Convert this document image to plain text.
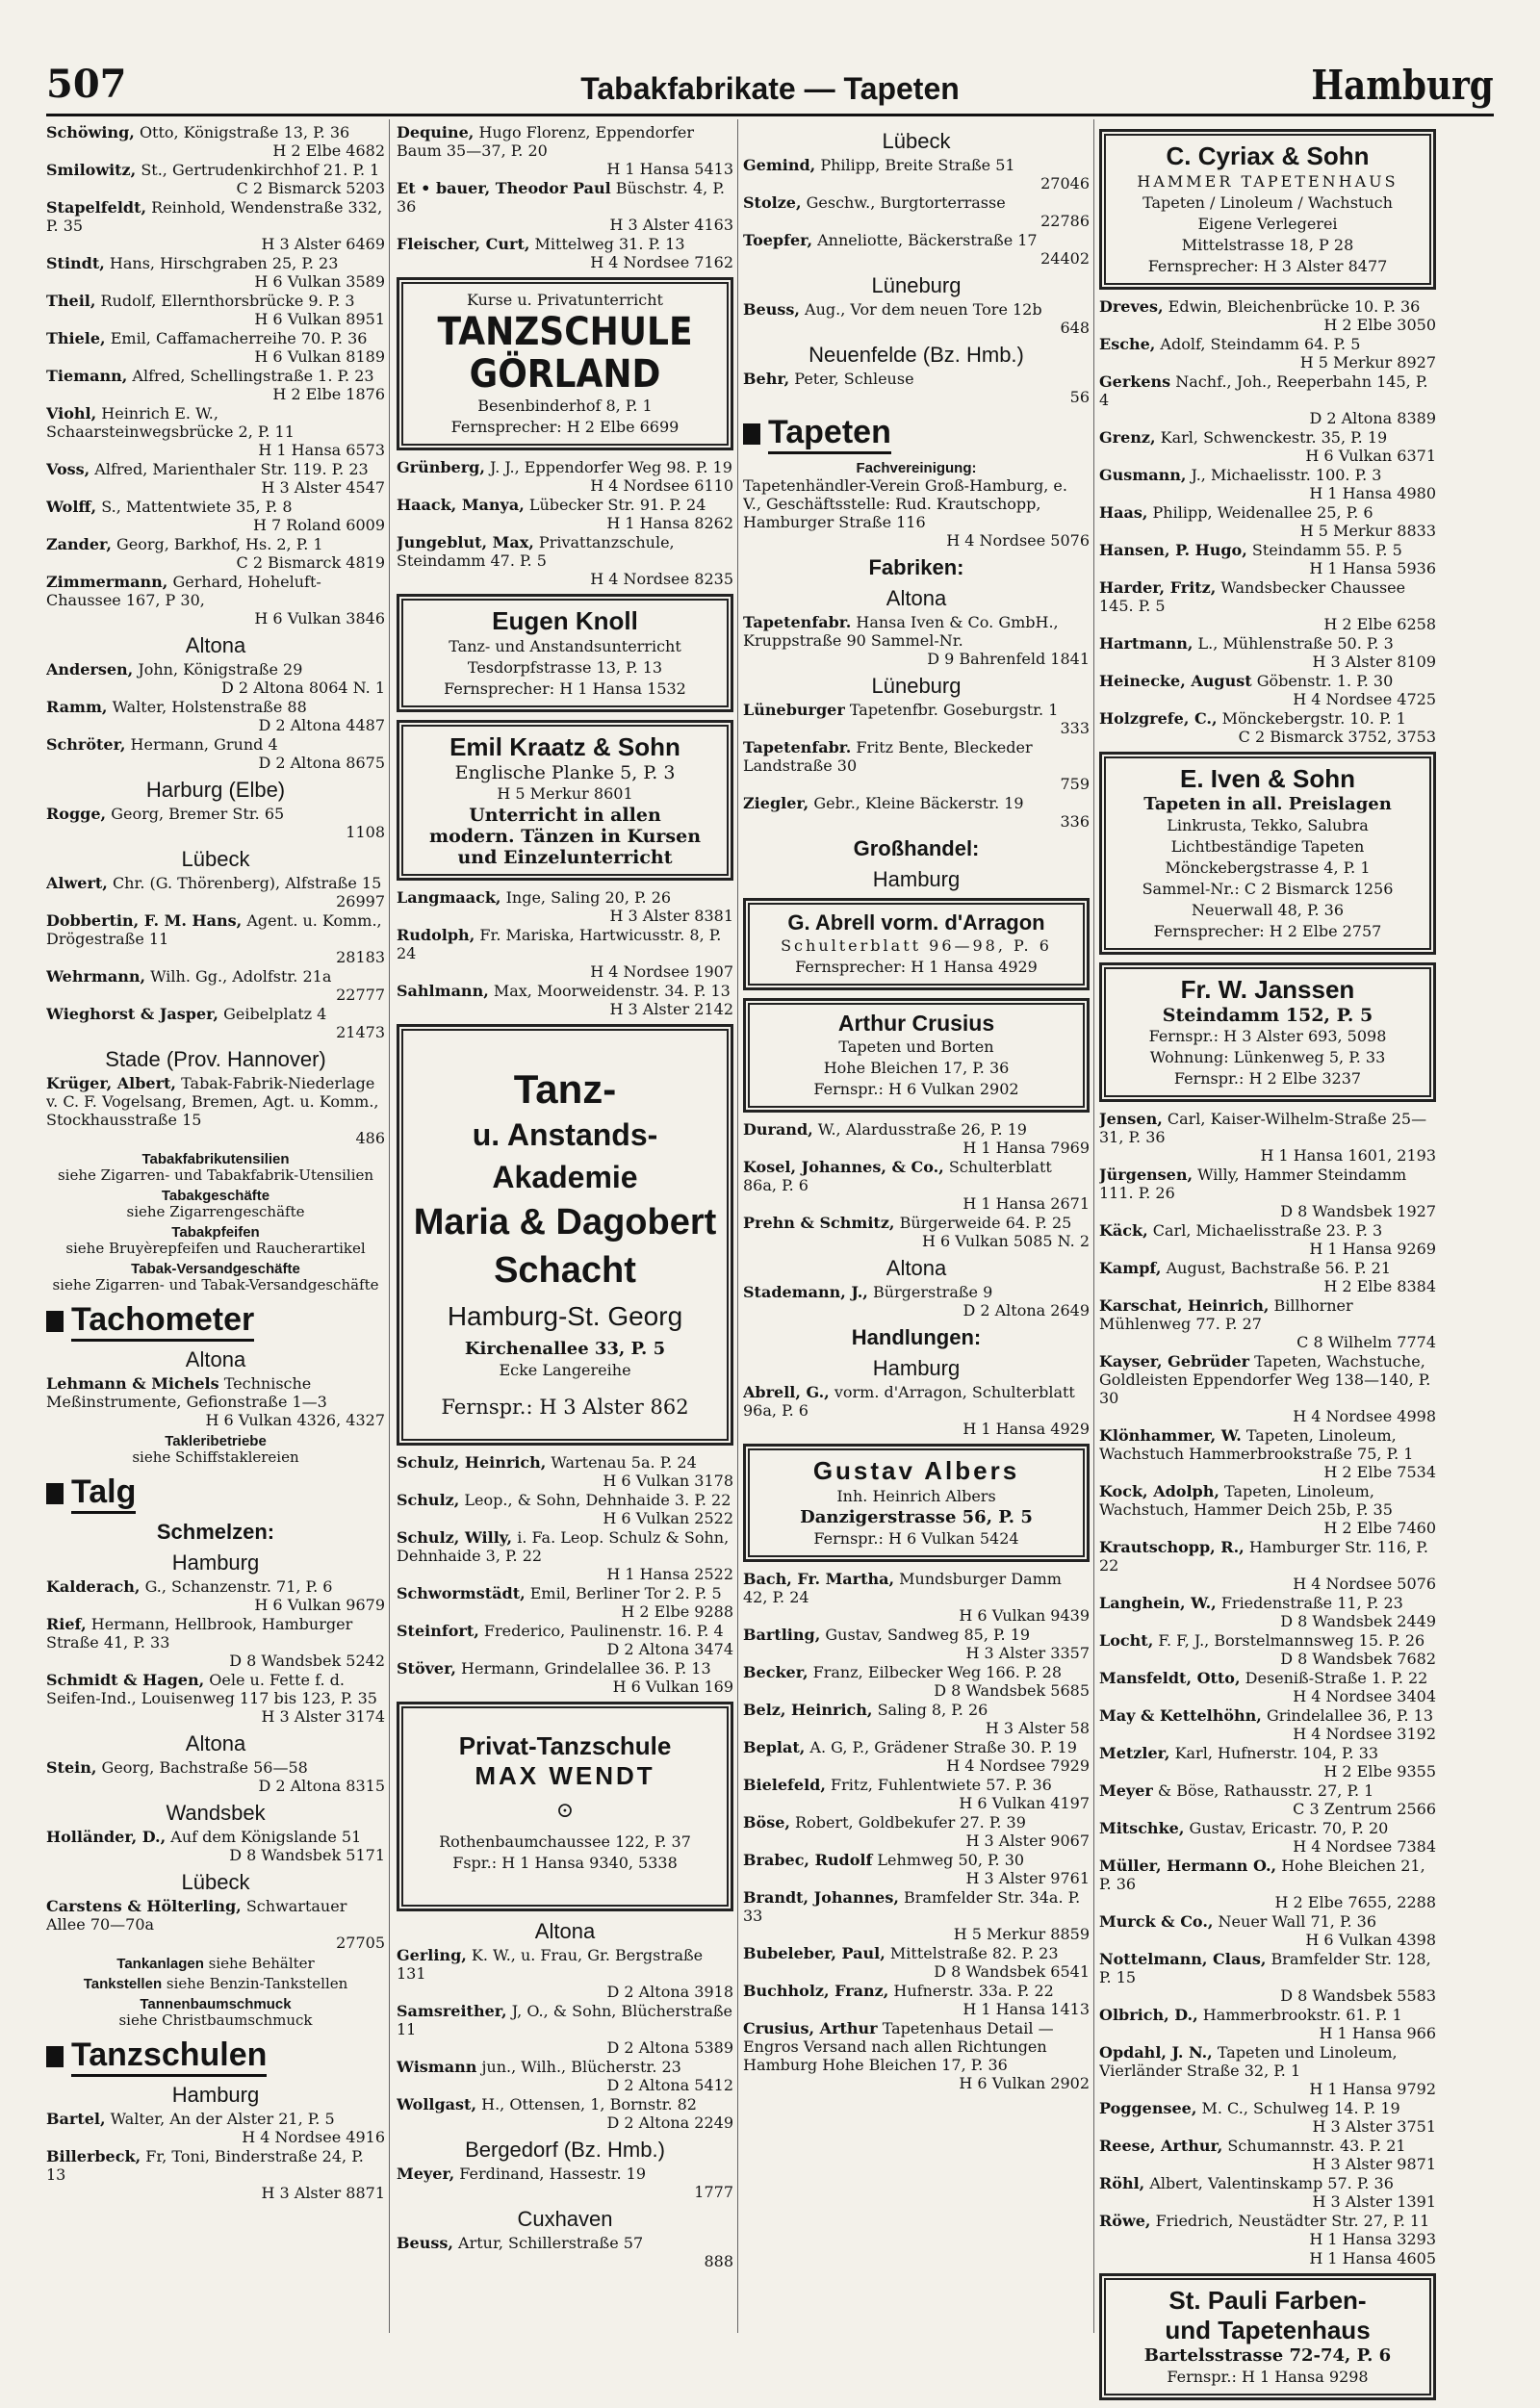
507	Tabakfabrikate — Tapeten	Hamburg
Schöwing, Otto, Königstraße 13, P. 36
H 2 Elbe 4682
Smilowitz, St., Gertrudenkirchhof 21. P. 1
C 2 Bismarck 5203
Stapelfeldt, Reinhold, Wendenstraße 332, P. 35
H 3 Alster 6469
Stindt, Hans, Hirschgraben 25, P. 23
H 6 Vulkan 3589
Theil, Rudolf, Ellernthorsbrücke 9. P. 3
H 6 Vulkan 8951
Thiele, Emil, Caffamacherreihe 70. P. 36
H 6 Vulkan 8189
Tiemann, Alfred, Schellingstraße 1. P. 23
H 2 Elbe 1876
Viohl, Heinrich E. W., Schaarsteinwegsbrücke 2, P. 11
H 1 Hansa 6573
Voss, Alfred, Marienthaler Str. 119. P. 23
H 3 Alster 4547
Wolff, S., Mattentwiete 35, P. 8
H 7 Roland 6009
Zander, Georg, Barkhof, Hs. 2, P. 1
C 2 Bismarck 4819
Zimmermann, Gerhard, Hoheluft-Chaussee 167, P 30,
H 6 Vulkan 3846
Altona
Andersen, John, Königstraße 29
D 2 Altona 8064 N. 1
Ramm, Walter, Holstenstraße 88
D 2 Altona 4487
Schröter, Hermann, Grund 4
D 2 Altona 8675
Harburg (Elbe)
Rogge, Georg, Bremer Str. 65
1108
Lübeck
Alwert, Chr. (G. Thörenberg), Alfstraße 15
26997
Dobbertin, F. M. Hans, Agent. u. Komm., Drögestraße 11
28183
Wehrmann, Wilh. Gg., Adolfstr. 21a
22777
Wieghorst & Jasper, Geibelplatz 4
21473
Stade (Prov. Hannover)
Krüger, Albert, Tabak-Fabrik-Niederlage v. C. F. Vogelsang, Bremen, Agt. u. Komm., Stockhausstraße 15
486
Tabakfabrikutensilien
siehe Zigarren- und Tabakfabrik-Utensilien
Tabakgeschäfte
siehe Zigarrengeschäfte
Tabakpfeifen
siehe Bruyèrepfeifen und Raucherartikel
Tabak-Versandgeschäfte
siehe Zigarren- und Tabak-Versandgeschäfte
Tachometer
Altona
Lehmann & Michels Technische Meßinstrumente, Gefionstraße 1—3
H 6 Vulkan 4326, 4327
Takleribetriebe
siehe Schiffstaklereien
Talg
Schmelzen:
Hamburg
Kalderach, G., Schanzenstr. 71, P. 6
H 6 Vulkan 9679
Rief, Hermann, Hellbrook, Hamburger Straße 41, P. 33
D 8 Wandsbek 5242
Schmidt & Hagen, Oele u. Fette f. d. Seifen-Ind., Louisenweg 117 bis 123, P. 35
H 3 Alster 3174
Altona
Stein, Georg, Bachstraße 56—58
D 2 Altona 8315
Wandsbek
Holländer, D., Auf dem Königslande 51
D 8 Wandsbek 5171
Lübeck
Carstens & Hölterling, Schwartauer Allee 70—70a
27705
Tankanlagen siehe Behälter
Tankstellen siehe Benzin-Tankstellen
Tannenbaumschmuck
siehe Christbaumschmuck
Tanzschulen
Hamburg
Bartel, Walter, An der Alster 21, P. 5
H 4 Nordsee 4916
Billerbeck, Fr, Toni, Binderstraße 24, P. 13
H 3 Alster 8871
Dequine, Hugo Florenz, Eppendorfer Baum 35—37, P. 20
H 1 Hansa 5413
Et • bauer, Theodor Paul Büschstr. 4, P. 36
H 3 Alster 4163
Fleischer, Curt, Mittelweg 31. P. 13
H 4 Nordsee 7162
Kurse u. Privatunterricht
TANZSCHULE
GÖRLAND
Besenbinderhof 8, P. 1
Fernsprecher: H 2 Elbe 6699
Grünberg, J. J., Eppendorfer Weg 98. P. 19
H 4 Nordsee 6110
Haack, Manya, Lübecker Str. 91. P. 24
H 1 Hansa 8262
Jungeblut, Max, Privattanzschule, Steindamm 47. P. 5
H 4 Nordsee 8235
Eugen Knoll
Tanz- und Anstandsunterricht
Tesdorpfstrasse 13, P. 13
Fernsprecher: H 1 Hansa 1532
Emil Kraatz & Sohn
Englische Planke 5, P. 3
H 5 Merkur 8601
Unterricht in allen
modern. Tänzen in Kursen
und Einzelunterricht
Langmaack, Inge, Saling 20, P. 26
H 3 Alster 8381
Rudolph, Fr. Mariska, Hartwicusstr. 8, P. 24
H 4 Nordsee 1907
Sahlmann, Max, Moorweidenstr. 34. P. 13
H 3 Alster 2142
Tanz-
u. Anstands-Akademie
Maria & Dagobert
Schacht
Hamburg-St. Georg
Kirchenallee 33, P. 5
Ecke Langereihe
Fernspr.: H 3 Alster 862
Schulz, Heinrich, Wartenau 5a. P. 24
H 6 Vulkan 3178
Schulz, Leop., & Sohn, Dehnhaide 3. P. 22
H 6 Vulkan 2522
Schulz, Willy, i. Fa. Leop. Schulz & Sohn, Dehnhaide 3, P. 22
H 1 Hansa 2522
Schwormstädt, Emil, Berliner Tor 2. P. 5
H 2 Elbe 9288
Steinfort, Frederico, Paulinenstr. 16. P. 4
D 2 Altona 3474
Stöver, Hermann, Grindelallee 36. P. 13
H 6 Vulkan 169
Privat-Tanzschule
MAX WENDT
⊙
Rothenbaumchaussee 122, P. 37
Fspr.: H 1 Hansa 9340, 5338
Altona
Gerling, K. W., u. Frau, Gr. Bergstraße 131
D 2 Altona 3918
Samsreither, J, O., & Sohn, Blücherstraße 11
D 2 Altona 5389
Wismann jun., Wilh., Blücherstr. 23
D 2 Altona 5412
Wollgast, H., Ottensen, 1, Bornstr. 82
D 2 Altona 2249
Bergedorf (Bz. Hmb.)
Meyer, Ferdinand, Hassestr. 19
1777
Cuxhaven
Beuss, Artur, Schillerstraße 57
888
Lübeck
Gemind, Philipp, Breite Straße 51
27046
Stolze, Geschw., Burgtorterrasse
22786
Toepfer, Anneliotte, Bäckerstraße 17
24402
Lüneburg
Beuss, Aug., Vor dem neuen Tore 12b
648
Neuenfelde (Bz. Hmb.)
Behr, Peter, Schleuse
56
Tapeten
Fachvereinigung:
Tapetenhändler-Verein Groß-Hamburg, e. V., Geschäftsstelle: Rud. Krautschopp, Hamburger Straße 116
H 4 Nordsee 5076
Fabriken:
Altona
Tapetenfabr. Hansa Iven & Co. GmbH., Kruppstraße 90 Sammel-Nr.
D 9 Bahrenfeld 1841
Lüneburg
Lüneburger Tapetenfbr. Goseburgstr. 1
333
Tapetenfabr. Fritz Bente, Bleckeder Landstraße 30
759
Ziegler, Gebr., Kleine Bäckerstr. 19
336
Großhandel:
Hamburg
G. Abrell vorm. d'Arragon
Schulterblatt 96—98, P. 6
Fernsprecher: H 1 Hansa 4929
Arthur Crusius
Tapeten und Borten
Hohe Bleichen 17, P. 36
Fernspr.: H 6 Vulkan 2902
Durand, W., Alardusstraße 26, P. 19
H 1 Hansa 7969
Kosel, Johannes, & Co., Schulterblatt 86a, P. 6
H 1 Hansa 2671
Prehn & Schmitz, Bürgerweide 64. P. 25
H 6 Vulkan 5085 N. 2
Altona
Stademann, J., Bürgerstraße 9
D 2 Altona 2649
Handlungen:
Hamburg
Abrell, G., vorm. d'Arragon, Schulterblatt 96a, P. 6
H 1 Hansa 4929
Gustav Albers
Inh. Heinrich Albers
Danzigerstrasse 56, P. 5
Fernspr.: H 6 Vulkan 5424
Bach, Fr. Martha, Mundsburger Damm 42, P. 24
H 6 Vulkan 9439
Bartling, Gustav, Sandweg 85, P. 19
H 3 Alster 3357
Becker, Franz, Eilbecker Weg 166. P. 28
D 8 Wandsbek 5685
Belz, Heinrich, Saling 8, P. 26
H 3 Alster 58
Beplat, A. G, P., Grädener Straße 30. P. 19
H 4 Nordsee 7929
Bielefeld, Fritz, Fuhlentwiete 57. P. 36
H 6 Vulkan 4197
Böse, Robert, Goldbekufer 27. P. 39
H 3 Alster 9067
Brabec, Rudolf Lehmweg 50, P. 30
H 3 Alster 9761
Brandt, Johannes, Bramfelder Str. 34a. P. 33
H 5 Merkur 8859
Bubeleber, Paul, Mittelstraße 82. P. 23
D 8 Wandsbek 6541
Buchholz, Franz, Hufnerstr. 33a. P. 22
H 1 Hansa 1413
Crusius, Arthur Tapetenhaus Detail — Engros Versand nach allen Richtungen Hamburg Hohe Bleichen 17, P. 36
H 6 Vulkan 2902
C. Cyriax & Sohn
HAMMER TAPETENHAUS
Tapeten / Linoleum / Wachstuch
Eigene Verlegerei
Mittelstrasse 18, P 28
Fernsprecher: H 3 Alster 8477
Dreves, Edwin, Bleichenbrücke 10. P. 36
H 2 Elbe 3050
Esche, Adolf, Steindamm 64. P. 5
H 5 Merkur 8927
Gerkens Nachf., Joh., Reeperbahn 145, P. 4
D 2 Altona 8389
Grenz, Karl, Schwenckestr. 35, P. 19
H 6 Vulkan 6371
Gusmann, J., Michaelisstr. 100. P. 3
H 1 Hansa 4980
Haas, Philipp, Weidenallee 25, P. 6
H 5 Merkur 8833
Hansen, P. Hugo, Steindamm 55. P. 5
H 1 Hansa 5936
Harder, Fritz, Wandsbecker Chaussee 145. P. 5
H 2 Elbe 6258
Hartmann, L., Mühlenstraße 50. P. 3
H 3 Alster 8109
Heinecke, August Göbenstr. 1. P. 30
H 4 Nordsee 4725
Holzgrefe, C., Mönckebergstr. 10. P. 1
C 2 Bismarck 3752, 3753
E. Iven & Sohn
Tapeten in all. Preislagen
Linkrusta, Tekko, Salubra
Lichtbeständige Tapeten
Mönckebergstrasse 4, P. 1
Sammel-Nr.: C 2 Bismarck 1256
Neuerwall 48, P. 36
Fernsprecher: H 2 Elbe 2757
Fr. W. Janssen
Steindamm 152, P. 5
Fernspr.: H 3 Alster 693, 5098
Wohnung: Lünkenweg 5, P. 33
Fernspr.: H 2 Elbe 3237
Jensen, Carl, Kaiser-Wilhelm-Straße 25—31, P. 36
H 1 Hansa 1601, 2193
Jürgensen, Willy, Hammer Steindamm 111. P. 26
D 8 Wandsbek 1927
Käck, Carl, Michaelisstraße 23. P. 3
H 1 Hansa 9269
Kampf, August, Bachstraße 56. P. 21
H 2 Elbe 8384
Karschat, Heinrich, Billhorner Mühlenweg 77. P. 27
C 8 Wilhelm 7774
Kayser, Gebrüder Tapeten, Wachstuche, Goldleisten Eppendorfer Weg 138—140, P. 30
H 4 Nordsee 4998
Klönhammer, W. Tapeten, Linoleum, Wachstuch Hammerbrookstraße 75, P. 1
H 2 Elbe 7534
Kock, Adolph, Tapeten, Linoleum, Wachstuch, Hammer Deich 25b, P. 35
H 2 Elbe 7460
Krautschopp, R., Hamburger Str. 116, P. 22
H 4 Nordsee 5076
Langhein, W., Friedenstraße 11, P. 23
D 8 Wandsbek 2449
Locht, F. F, J., Borstelmannsweg 15. P. 26
D 8 Wandsbek 7682
Mansfeldt, Otto, Deseniß-Straße 1. P. 22
H 4 Nordsee 3404
May & Kettelhöhn, Grindelallee 36, P. 13
H 4 Nordsee 3192
Metzler, Karl, Hufnerstr. 104, P. 33
H 2 Elbe 9355
Meyer & Böse, Rathausstr. 27, P. 1
C 3 Zentrum 2566
Mitschke, Gustav, Ericastr. 70, P. 20
H 4 Nordsee 7384
Müller, Hermann O., Hohe Bleichen 21, P. 36
H 2 Elbe 7655, 2288
Murck & Co., Neuer Wall 71, P. 36
H 6 Vulkan 4398
Nottelmann, Claus, Bramfelder Str. 128, P. 15
D 8 Wandsbek 5583
Olbrich, D., Hammerbrookstr. 61. P. 1
H 1 Hansa 966
Opdahl, J. N., Tapeten und Linoleum, Vierländer Straße 32, P. 1
H 1 Hansa 9792
Poggensee, M. C., Schulweg 14. P. 19
H 3 Alster 3751
Reese, Arthur, Schumannstr. 43. P. 21
H 3 Alster 9871
Röhl, Albert, Valentinskamp 57. P. 36
H 3 Alster 1391
Röwe, Friedrich, Neustädter Str. 27, P. 11
H 1 Hansa 3293
H 1 Hansa 4605
St. Pauli Farben-
und Tapetenhaus
Bartelsstrasse 72-74, P. 6
Fernspr.: H 1 Hansa 9298
